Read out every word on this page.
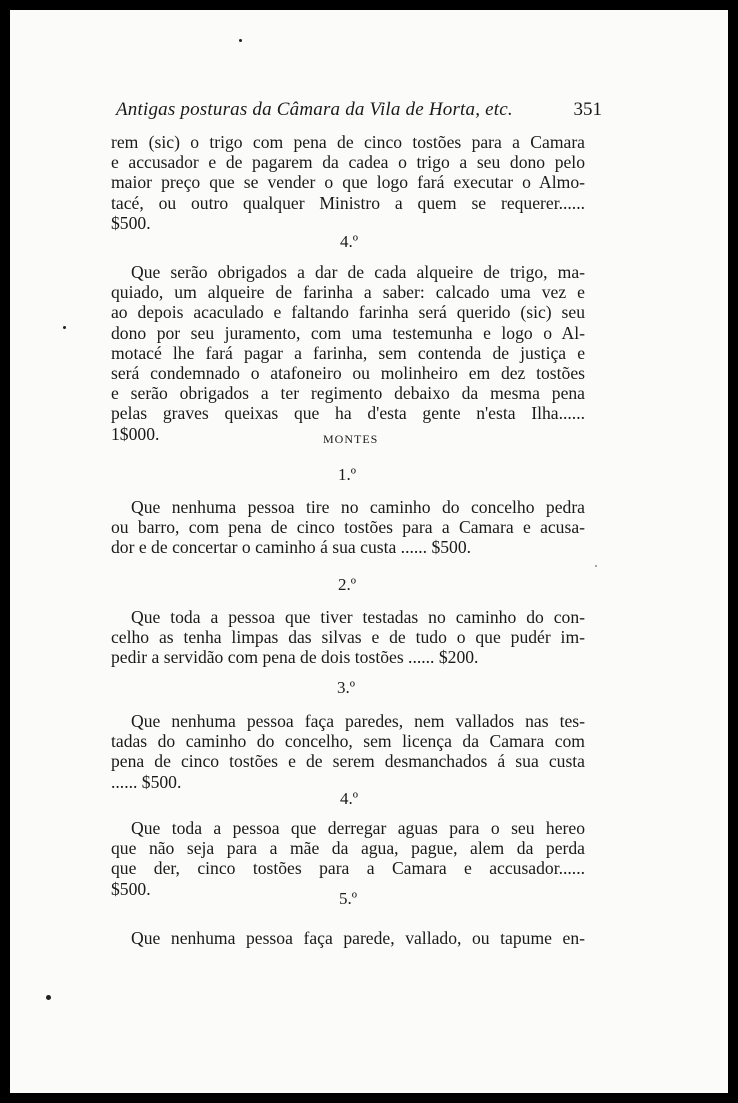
Antigas posturas da Câmara da Vila de Horta, etc.	351
rem (sic) o trigo com pena de cinco tostões para a Camara
e accusador e de pagarem da cadea o trigo a seu dono pelo
maior preço que se vender o que logo fará executar o Almo-
tacé, ou outro qualquer Ministro a quem se requerer......
$500.
4.º
Que serão obrigados a dar de cada alqueire de trigo, ma-
quiado, um alqueire de farinha a saber: calcado uma vez e
ao depois acaculado e faltando farinha será querido (sic) seu
dono por seu juramento, com uma testemunha e logo o Al-
motacé lhe fará pagar a farinha, sem contenda de justiça e
será condemnado o atafoneiro ou molinheiro em dez tostões
e serão obrigados a ter regimento debaixo da mesma pena
pelas graves queixas que ha d'esta gente n'esta Ilha......
1$000.	MONTES
1.º
Que nenhuma pessoa tire no caminho do concelho pedra
ou barro, com pena de cinco tostões para a Camara e acusa-
dor e de concertar o caminho á sua custa ...... $500.
2.º
Que toda a pessoa que tiver testadas no caminho do con-
celho as tenha limpas das silvas e de tudo o que pudér im-
pedir a servidão com pena de dois tostões ...... $200.
3.º
Que nenhuma pessoa faça paredes, nem vallados nas tes-
tadas do caminho do concelho, sem licença da Camara com
pena de cinco tostões e de serem desmanchados á sua custa
...... $500.
4.º
Que toda a pessoa que derregar aguas para o seu hereo
que não seja para a mãe da agua, pague, alem da perda
que der, cinco tostões para a Camara e accusador......
$500.	5.º
Que nenhuma pessoa faça parede, vallado, ou tapume en-
